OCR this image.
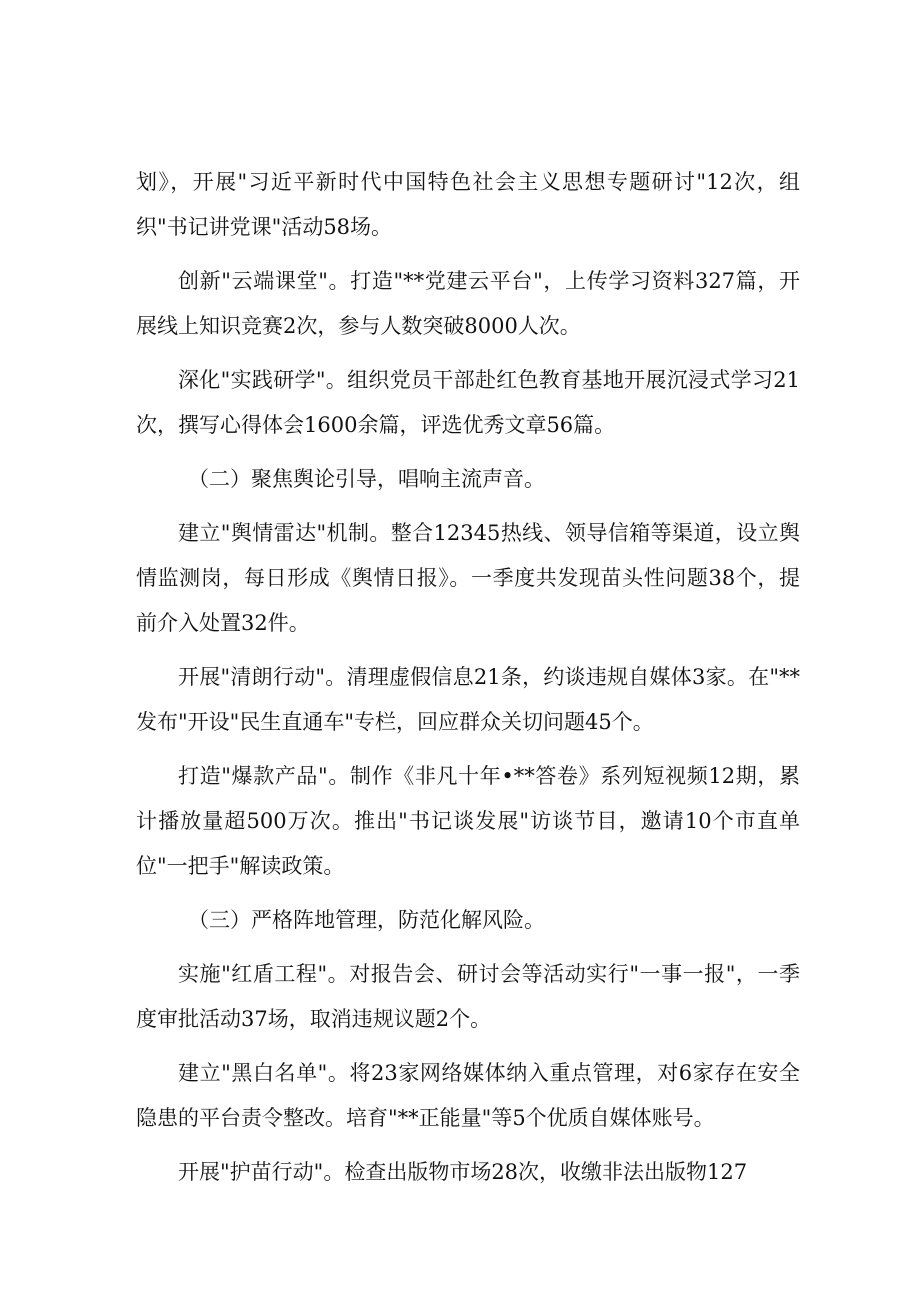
划》，开展"习近平新时代中国特色社会主义思想专题研讨"12次，组织"书记讲党课"活动58场。

创新"云端课堂"。打造"**党建云平台"，上传学习资料327篇，开展线上知识竞赛2次，参与人数突破8000人次。

深化"实践研学"。组织党员干部赴红色教育基地开展沉浸式学习21次，撰写心得体会1600余篇，评选优秀文章56篇。

（二）聚焦舆论引导，唱响主流声音。

建立"舆情雷达"机制。整合12345热线、领导信箱等渠道，设立舆情监测岗，每日形成《舆情日报》。一季度共发现苗头性问题38个，提前介入处置32件。

开展"清朗行动"。清理虚假信息21条，约谈违规自媒体3家。在"**发布"开设"民生直通车"专栏，回应群众关切问题45个。

打造"爆款产品"。制作《非凡十年•**答卷》系列短视频12期，累计播放量超500万次。推出"书记谈发展"访谈节目，邀请10个市直单位"一把手"解读政策。

（三）严格阵地管理，防范化解风险。

实施"红盾工程"。对报告会、研讨会等活动实行"一事一报"，一季度审批活动37场，取消违规议题2个。

建立"黑白名单"。将23家网络媒体纳入重点管理，对6家存在安全隐患的平台责令整改。培育"**正能量"等5个优质自媒体账号。

开展"护苗行动"。检查出版物市场28次，收缴非法出版物127
